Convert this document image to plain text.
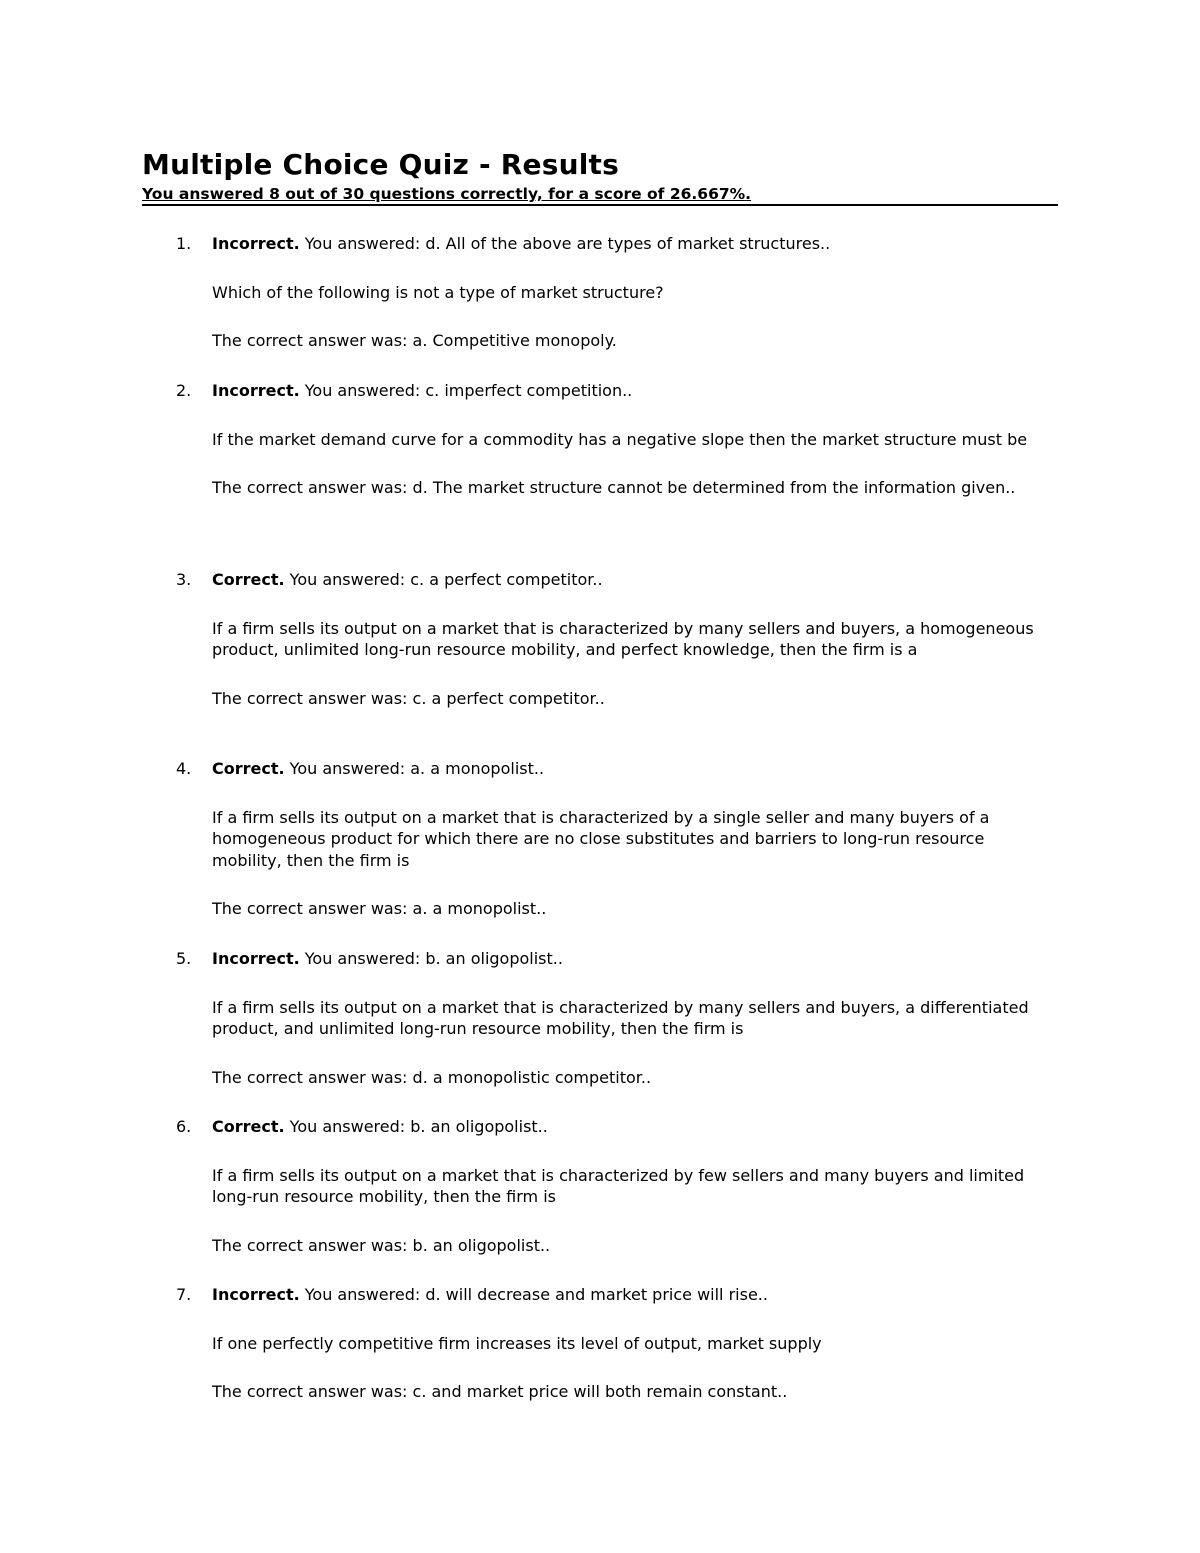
Multiple Choice Quiz - Results
You answered 8 out of 30 questions correctly, for a score of 26.667%.
1.	Incorrect. You answered: d. All of the above are types of market structures..

Which of the following is not a type of market structure?

The correct answer was: a. Competitive monopoly.

2.	Incorrect. You answered: c. imperfect competition..

If the market demand curve for a commodity has a negative slope then the market structure must be

The correct answer was: d. The market structure cannot be determined from the information given..

3.	Correct. You answered: c. a perfect competitor..

If a firm sells its output on a market that is characterized by many sellers and buyers, a homogeneous product, unlimited long-run resource mobility, and perfect knowledge, then the firm is a

The correct answer was: c. a perfect competitor..

4.	Correct. You answered: a. a monopolist..

If a firm sells its output on a market that is characterized by a single seller and many buyers of a homogeneous product for which there are no close substitutes and barriers to long-run resource mobility, then the firm is

The correct answer was: a. a monopolist..

5.	Incorrect. You answered: b. an oligopolist..

If a firm sells its output on a market that is characterized by many sellers and buyers, a differentiated product, and unlimited long-run resource mobility, then the firm is

The correct answer was: d. a monopolistic competitor..

6.	Correct. You answered: b. an oligopolist..

If a firm sells its output on a market that is characterized by few sellers and many buyers and limited long-run resource mobility, then the firm is

The correct answer was: b. an oligopolist..

7.	Incorrect. You answered: d. will decrease and market price will rise..

If one perfectly competitive firm increases its level of output, market supply

The correct answer was: c. and market price will both remain constant..
